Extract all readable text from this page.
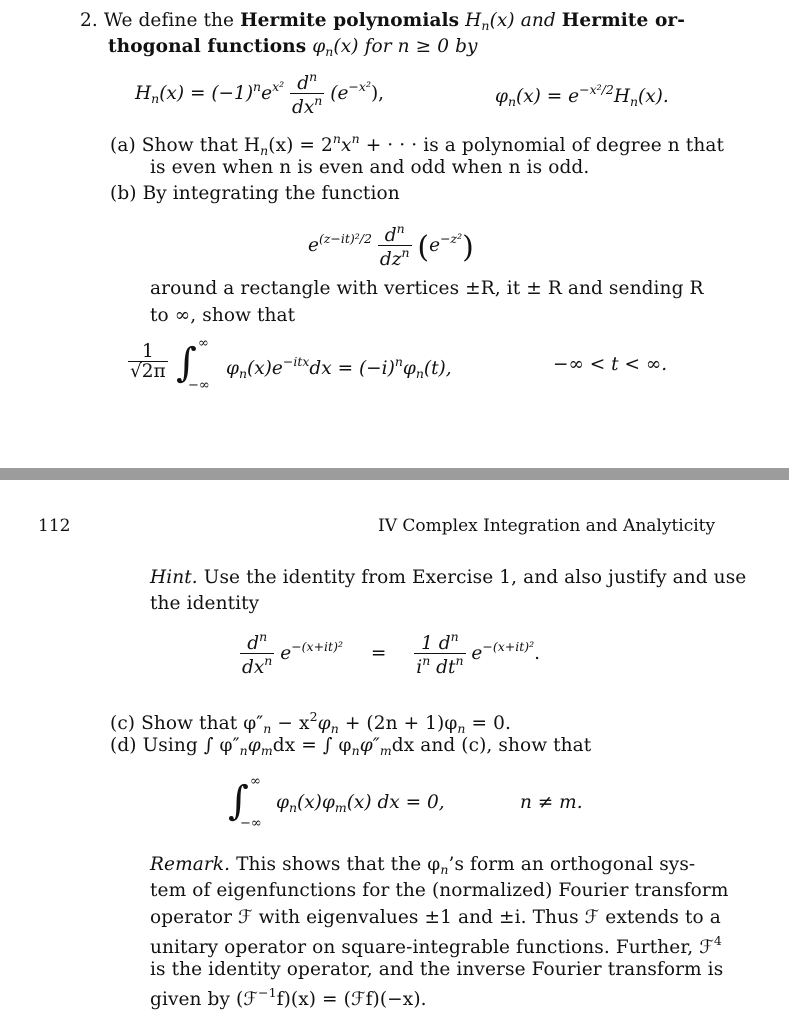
2. We define the Hermite polynomials $H_n(x)$ and Hermite or-
thogonal functions $\varphi_n(x)$ for n ≥ 0 by
$H_n(x) = (-1)^ne^{x^2} \frac{d^n}{dx^n} (e^{-x^2})$,	$\varphi_n(x) = e^{-x^2/2}H_n(x)$.
(a) Show that $H_n(x) = 2^nx^n$ + · · · is a polynomial of degree n that
is even when n is even and odd when n is odd.
(b) By integrating the function
$e^{(z-it)^2/2} \frac{d^n}{dz^n} (e^{-z^2})$
around a rectangle with vertices ±R, it ± R and sending R
to ∞, show that
$\frac{1}{√2\pi}$ ∫ ∞
−∞
$\varphi_n(x)e^{-itx}dx = (-i)^n\varphi_n(t)$,	−∞ < t < ∞.
112	IV Complex Integration and Analyticity
Hint. Use the identity from Exercise 1, and also justify and use
the identity
$\frac{d^n}{dx^n} e^{-(x+it)^2} = \frac{1 d^n}{i^n dt^n} e^{-(x+it)^2}$.
(c) Show that $\varphi''_n - x^2\varphi_n + (2n + 1)\varphi_n = 0$.
(d) Using ∫ $\varphi''_n\varphi_mdx$ = ∫ $\varphi_n\varphi''_mdx$ and (c), show that
∫ ∞
−∞
$\varphi_n(x)\varphi_m(x)$ dx = 0,	n ≠ m.
Remark. This shows that the $\varphi_n’s$ form an orthogonal sys-
tem of eigenfunctions for the (normalized) Fourier transform
operator ℱ with eigenvalues ±1 and ±i. Thus ℱ extends to a
unitary operator on square-integrable functions. Further, ℱ$^4$
is the identity operator, and the inverse Fourier transform is
given by (ℱ$^{-1}$f)(x) = (ℱf)(−x).
